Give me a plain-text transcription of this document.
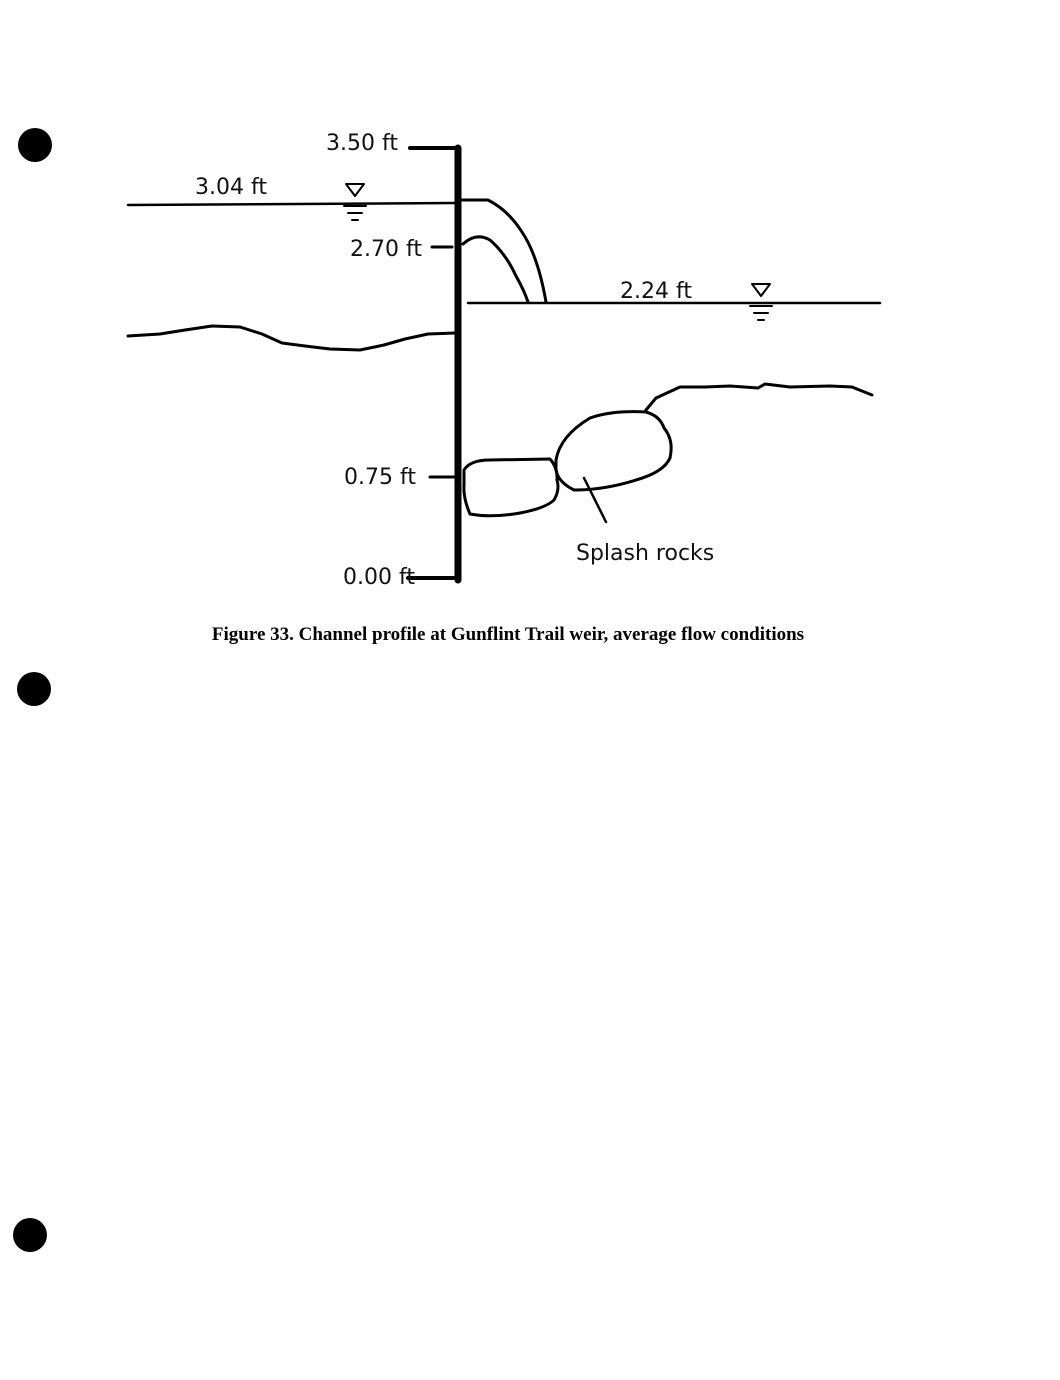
3.50 ft
3.04 ft
2.70 ft
2.24 ft
0.75 ft
0.00 ft
Splash rocks
Figure 33. Channel profile at Gunflint Trail weir, average flow conditions
